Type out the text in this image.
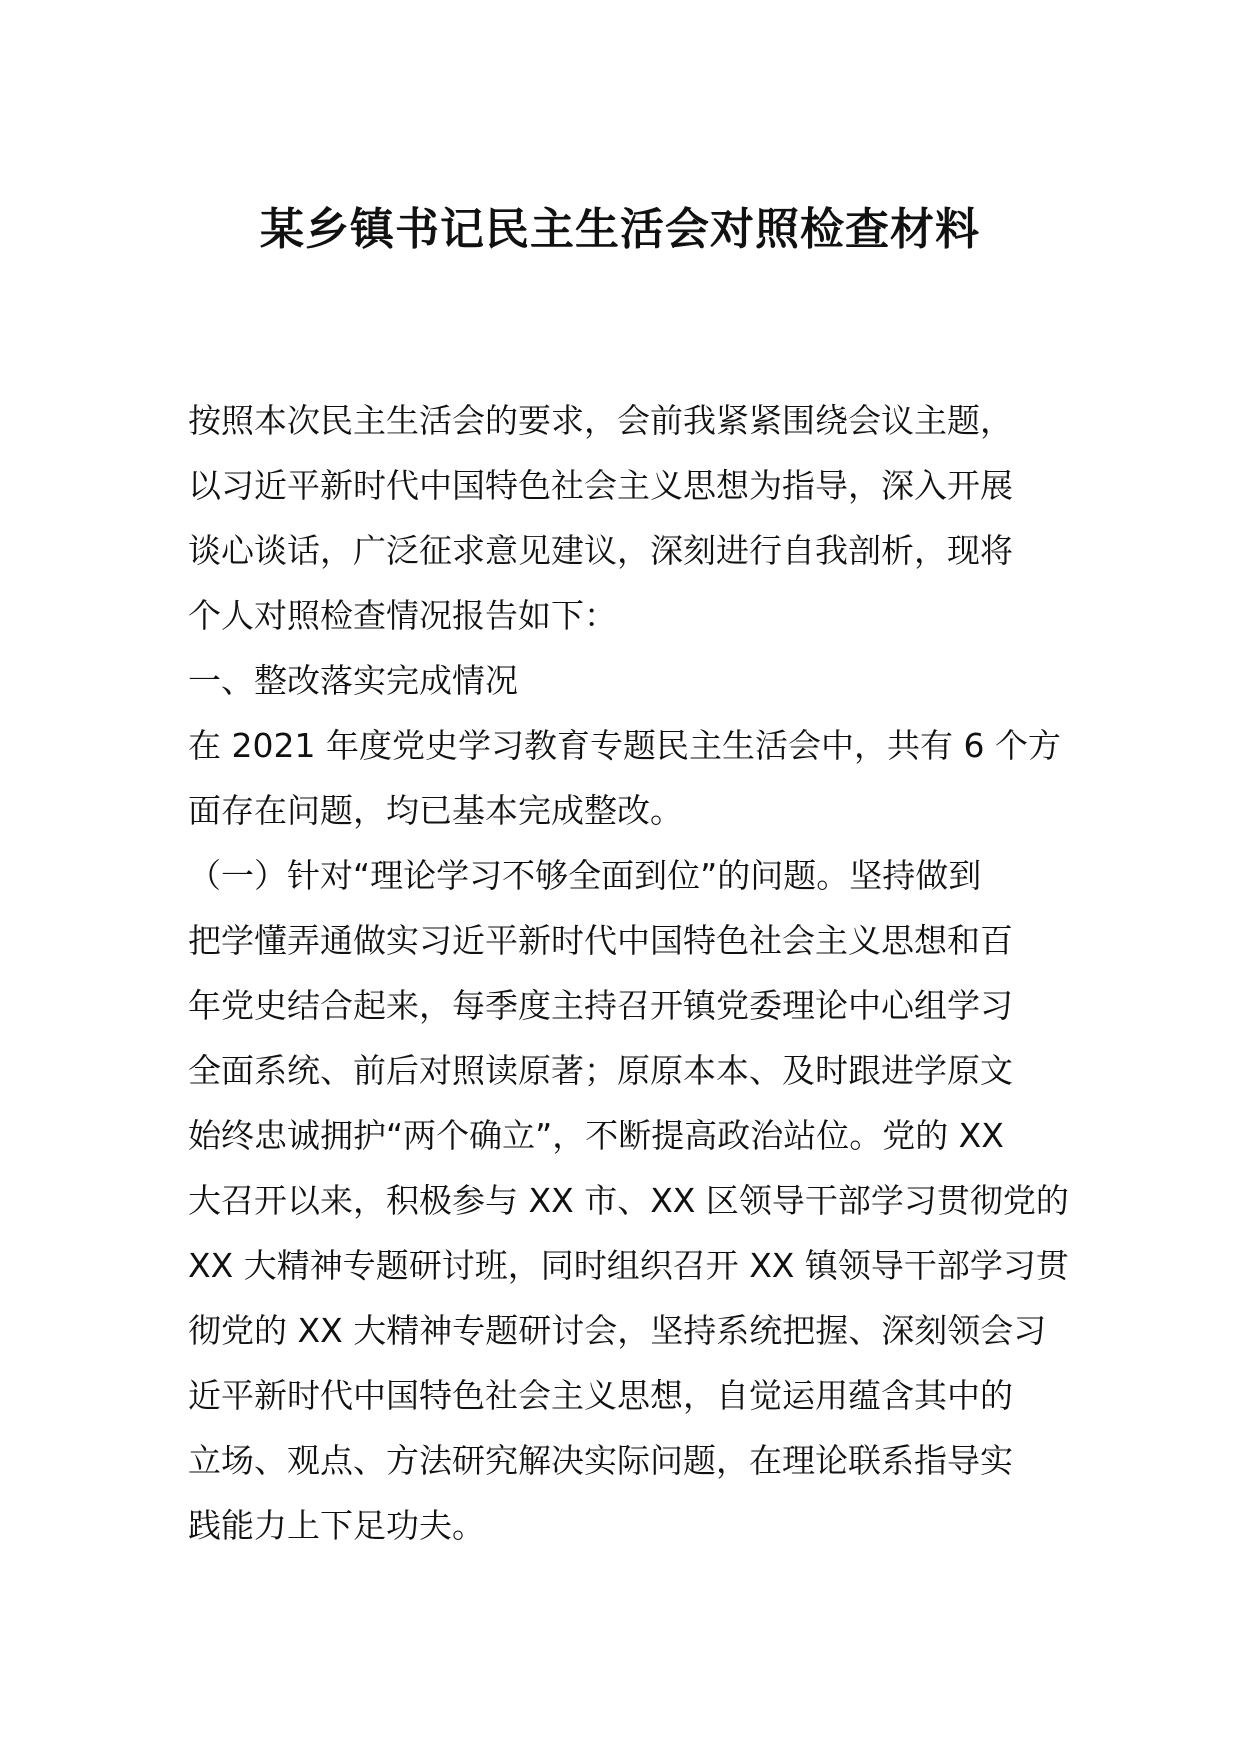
某乡镇书记民主生活会对照检查材料

按照本次民主生活会的要求，会前我紧紧围绕会议主题，
以习近平新时代中国特色社会主义思想为指导，深入开展
谈心谈话，广泛征求意见建议，深刻进行自我剖析，现将
个人对照检查情况报告如下：

一、整改落实完成情况

在 2021 年度党史学习教育专题民主生活会中，共有 6 个方
面存在问题，均已基本完成整改。

（一）针对“理论学习不够全面到位”的问题。坚持做到
把学懂弄通做实习近平新时代中国特色社会主义思想和百
年党史结合起来，每季度主持召开镇党委理论中心组学习
全面系统、前后对照读原著；原原本本、及时跟进学原文
始终忠诚拥护“两个确立”，不断提高政治站位。党的 XX
大召开以来，积极参与 XX 市、XX 区领导干部学习贯彻党的
XX 大精神专题研讨班，同时组织召开 XX 镇领导干部学习贯
彻党的 XX 大精神专题研讨会，坚持系统把握、深刻领会习
近平新时代中国特色社会主义思想，自觉运用蕴含其中的
立场、观点、方法研究解决实际问题，在理论联系指导实
践能力上下足功夫。
